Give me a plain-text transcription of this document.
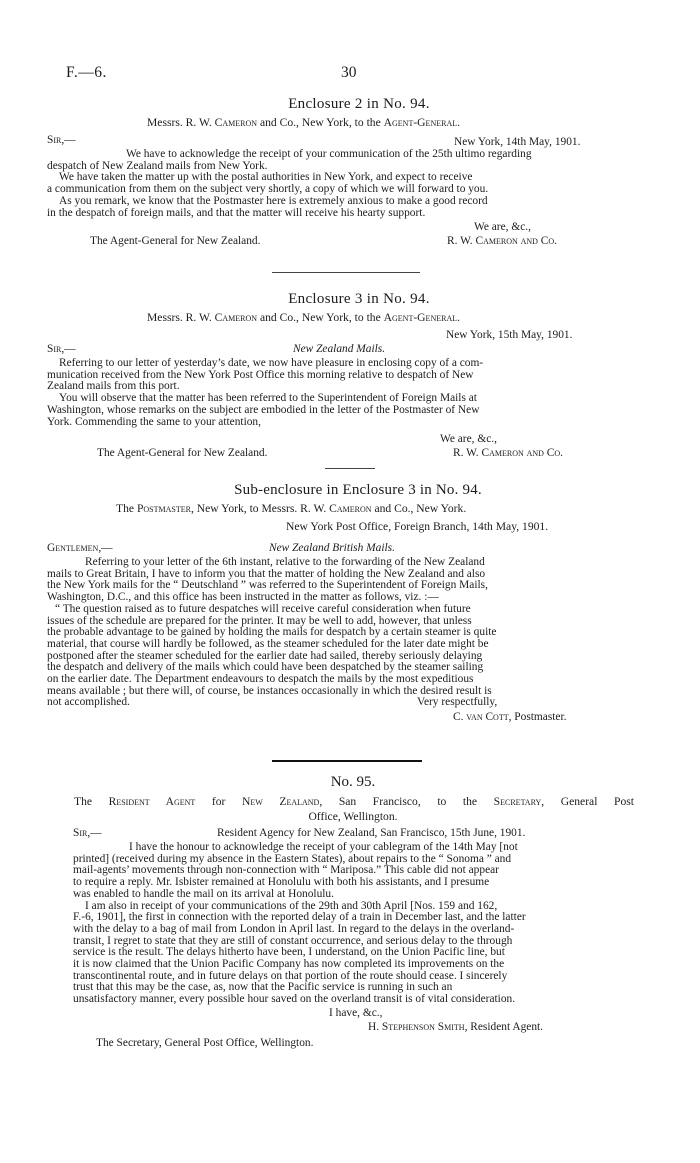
F.—6.	30
Enclosure 2 in No. 94.
Messrs. R. W. Cameron and Co., New York, to the Agent-General.
Sir,—	New York, 14th May, 1901.
We have to acknowledge the receipt of your communication of the 25th ultimo regarding
despatch of New Zealand mails from New York.
We have taken the matter up with the postal authorities in New York, and expect to receive
a communication from them on the subject very shortly, a copy of which we will forward to you.
As you remark, we know that the Postmaster here is extremely anxious to make a good record
in the despatch of foreign mails, and that the matter will receive his hearty support.
We are, &c.,
The Agent-General for New Zealand.	R. W. Cameron and Co.
Enclosure 3 in No. 94.
Messrs. R. W. Cameron and Co., New York, to the Agent-General.
New York, 15th May, 1901.
Sir,—	New Zealand Mails.
Referring to our letter of yesterday’s date, we now have pleasure in enclosing copy of a com-
munication received from the New York Post Office this morning relative to despatch of New
Zealand mails from this port.
You will observe that the matter has been referred to the Superintendent of Foreign Mails at
Washington, whose remarks on the subject are embodied in the letter of the Postmaster of New
York. Commending the same to your attention,
We are, &c.,
The Agent-General for New Zealand.	R. W. Cameron and Co.
Sub-enclosure in Enclosure 3 in No. 94.
The Postmaster, New York, to Messrs. R. W. Cameron and Co., New York.
New York Post Office, Foreign Branch, 14th May, 1901.
Gentlemen,—	New Zealand British Mails.
Referring to your letter of the 6th instant, relative to the forwarding of the New Zealand
mails to Great Britain, I have to inform you that the matter of holding the New Zealand and also
the New York mails for the “ Deutschland ” was referred to the Superintendent of Foreign Mails,
Washington, D.C., and this office has been instructed in the matter as follows, viz. :—
“ The question raised as to future despatches will receive careful consideration when future
issues of the schedule are prepared for the printer. It may be well to add, however, that unless
the probable advantage to be gained by holding the mails for despatch by a certain steamer is quite
material, that course will hardly be followed, as the steamer scheduled for the later date might be
postponed after the steamer scheduled for the earlier date had sailed, thereby seriously delaying
the despatch and delivery of the mails which could have been despatched by the steamer sailing
on the earlier date. The Department endeavours to despatch the mails by the most expeditious
means available ; but there will, of course, be instances occasionally in which the desired result is
not accomplished.	Very respectfully,
C. van Cott, Postmaster.
No. 95.
The Resident Agent for New Zealand, San Francisco, to the Secretary, General Post
Office, Wellington.
Sir,—	Resident Agency for New Zealand, San Francisco, 15th June, 1901.
I have the honour to acknowledge the receipt of your cablegram of the 14th May [not
printed] (received during my absence in the Eastern States), about repairs to the “ Sonoma ” and
mail-agents’ movements through non-connection with “ Mariposa.” This cable did not appear
to require a reply. Mr. Isbister remained at Honolulu with both his assistants, and I presume
was enabled to handle the mail on its arrival at Honolulu.
I am also in receipt of your communications of the 29th and 30th April [Nos. 159 and 162,
F.-6, 1901], the first in connection with the reported delay of a train in December last, and the latter
with the delay to a bag of mail from London in April last. In regard to the delays in the overland-
transit, I regret to state that they are still of constant occurrence, and serious delay to the through
service is the result. The delays hitherto have been, I understand, on the Union Pacific line, but
it is now claimed that the Union Pacific Company has now completed its improvements on the
transcontinental route, and in future delays on that portion of the route should cease. I sincerely
trust that this may be the case, as, now that the Pacific service is running in such an
unsatisfactory manner, every possible hour saved on the overland transit is of vital consideration.
I have, &c.,
H. Stephenson Smith, Resident Agent.
The Secretary, General Post Office, Wellington.
